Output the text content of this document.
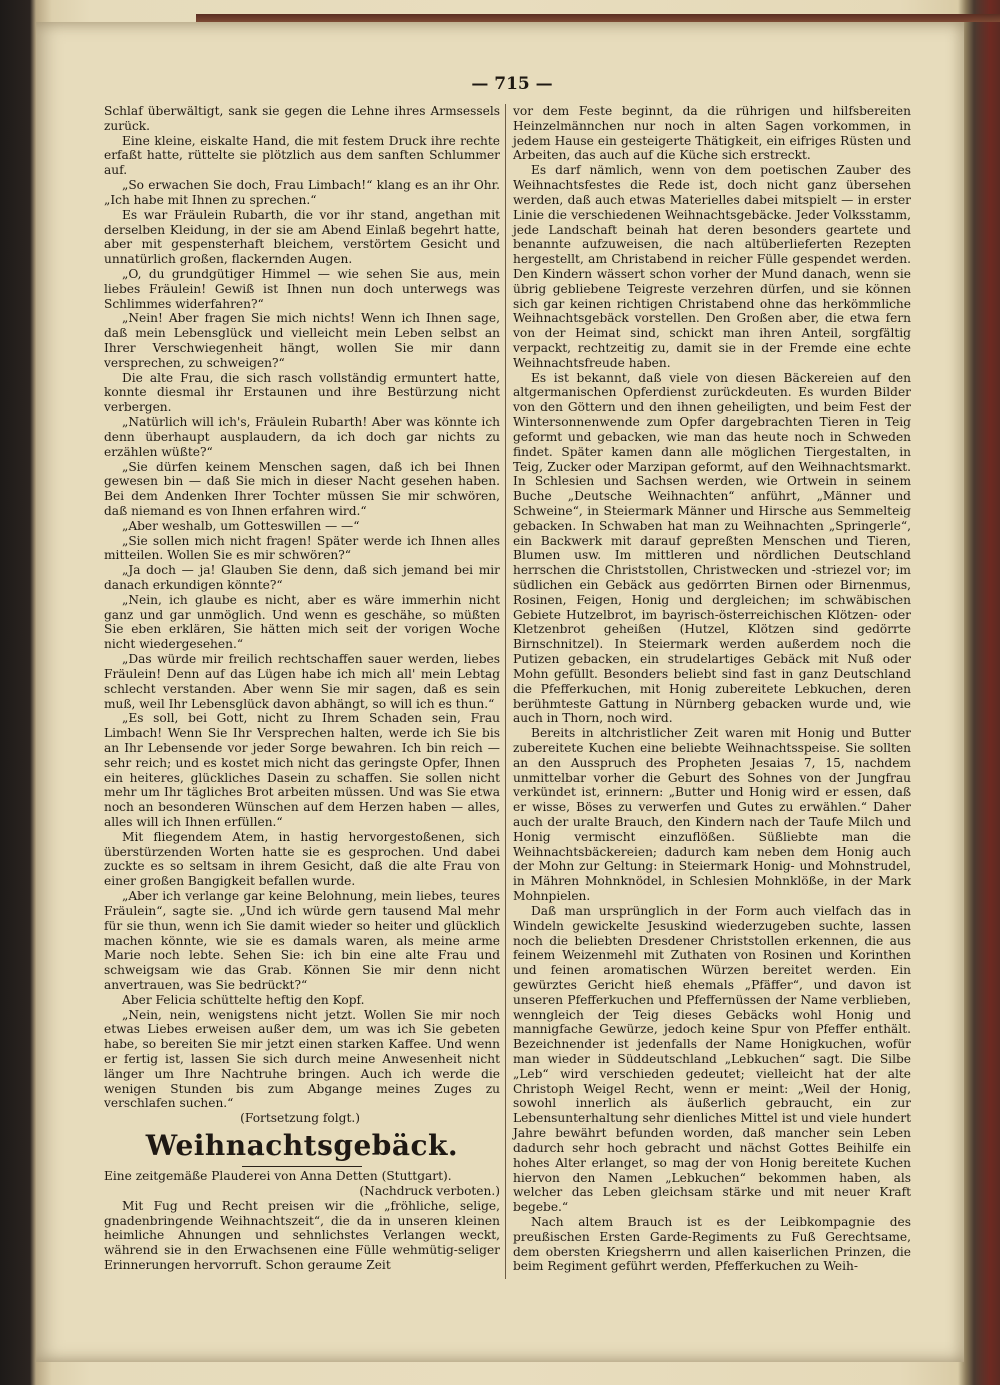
— 715 —

Schlaf überwältigt, sank sie gegen die Lehne ihres Armsessels zurück.

Eine kleine, eiskalte Hand, die mit festem Druck ihre rechte erfaßt hatte, rüttelte sie plötzlich aus dem sanften Schlummer auf.

„So erwachen Sie doch, Frau Limbach!“ klang es an ihr Ohr. „Ich habe mit Ihnen zu sprechen.“

Es war Fräulein Rubarth, die vor ihr stand, angethan mit derselben Kleidung, in der sie am Abend Einlaß begehrt hatte, aber mit gespensterhaft bleichem, verstörtem Gesicht und unnatürlich großen, flackernden Augen.

„O, du grundgütiger Himmel — wie sehen Sie aus, mein liebes Fräulein! Gewiß ist Ihnen nun doch unterwegs was Schlimmes widerfahren?“

„Nein! Aber fragen Sie mich nichts! Wenn ich Ihnen sage, daß mein Lebensglück und vielleicht mein Leben selbst an Ihrer Verschwiegenheit hängt, wollen Sie mir dann versprechen, zu schweigen?“

Die alte Frau, die sich rasch vollständig ermuntert hatte, konnte diesmal ihr Erstaunen und ihre Bestürzung nicht verbergen.

„Natürlich will ich's, Fräulein Rubarth! Aber was könnte ich denn überhaupt ausplaudern, da ich doch gar nichts zu erzählen wüßte?“

„Sie dürfen keinem Menschen sagen, daß ich bei Ihnen gewesen bin — daß Sie mich in dieser Nacht gesehen haben. Bei dem Andenken Ihrer Tochter müssen Sie mir schwören, daß niemand es von Ihnen erfahren wird.“

„Aber weshalb, um Gotteswillen — —“

„Sie sollen mich nicht fragen! Später werde ich Ihnen alles mitteilen. Wollen Sie es mir schwören?“

„Ja doch — ja! Glauben Sie denn, daß sich jemand bei mir danach erkundigen könnte?“

„Nein, ich glaube es nicht, aber es wäre immerhin nicht ganz und gar unmöglich. Und wenn es geschähe, so müßten Sie eben erklären, Sie hätten mich seit der vorigen Woche nicht wiedergesehen.“

„Das würde mir freilich rechtschaffen sauer werden, liebes Fräulein! Denn auf das Lügen habe ich mich all' mein Lebtag schlecht verstanden. Aber wenn Sie mir sagen, daß es sein muß, weil Ihr Lebensglück davon abhängt, so will ich es thun.“

„Es soll, bei Gott, nicht zu Ihrem Schaden sein, Frau Limbach! Wenn Sie Ihr Versprechen halten, werde ich Sie bis an Ihr Lebensende vor jeder Sorge bewahren. Ich bin reich — sehr reich; und es kostet mich nicht das geringste Opfer, Ihnen ein heiteres, glückliches Dasein zu schaffen. Sie sollen nicht mehr um Ihr tägliches Brot arbeiten müssen. Und was Sie etwa noch an besonderen Wünschen auf dem Herzen haben — alles, alles will ich Ihnen erfüllen.“

Mit fliegendem Atem, in hastig hervorgestoßenen, sich überstürzenden Worten hatte sie es gesprochen. Und dabei zuckte es so seltsam in ihrem Gesicht, daß die alte Frau von einer großen Bangigkeit befallen wurde.

„Aber ich verlange gar keine Belohnung, mein liebes, teures Fräulein“, sagte sie. „Und ich würde gern tausend Mal mehr für sie thun, wenn ich Sie damit wieder so heiter und glücklich machen könnte, wie sie es damals waren, als meine arme Marie noch lebte. Sehen Sie: ich bin eine alte Frau und schweigsam wie das Grab. Können Sie mir denn nicht anvertrauen, was Sie bedrückt?“

Aber Felicia schüttelte heftig den Kopf.

„Nein, nein, wenigstens nicht jetzt. Wollen Sie mir noch etwas Liebes erweisen außer dem, um was ich Sie gebeten habe, so bereiten Sie mir jetzt einen starken Kaffee. Und wenn er fertig ist, lassen Sie sich durch meine Anwesenheit nicht länger um Ihre Nachtruhe bringen. Auch ich werde die wenigen Stunden bis zum Abgange meines Zuges zu verschlafen suchen.“

(Fortsetzung folgt.)

Weihnachtsgebäck.

Eine zeitgemäße Plauderei von Anna Detten (Stuttgart).

(Nachdruck verboten.)

Mit Fug und Recht preisen wir die „fröhliche, selige, gnadenbringende Weihnachtszeit“, die da in unseren kleinen heimliche Ahnungen und sehnlichstes Verlangen weckt, während sie in den Erwachsenen eine Fülle wehmütig-seliger Erinnerungen hervorruft. Schon geraume Zeit

vor dem Feste beginnt, da die rührigen und hilfsbereiten Heinzelmännchen nur noch in alten Sagen vorkommen, in jedem Hause ein gesteigerte Thätigkeit, ein eifriges Rüsten und Arbeiten, das auch auf die Küche sich erstreckt.

Es darf nämlich, wenn von dem poetischen Zauber des Weihnachtsfestes die Rede ist, doch nicht ganz übersehen werden, daß auch etwas Materielles dabei mitspielt — in erster Linie die verschiedenen Weihnachtsgebäcke. Jeder Volksstamm, jede Landschaft beinah hat deren besonders geartete und benannte aufzuweisen, die nach altüberlieferten Rezepten hergestellt, am Christabend in reicher Fülle gespendet werden. Den Kindern wässert schon vorher der Mund danach, wenn sie übrig gebliebene Teigreste verzehren dürfen, und sie können sich gar keinen richtigen Christabend ohne das herkömmliche Weihnachtsgebäck vorstellen. Den Großen aber, die etwa fern von der Heimat sind, schickt man ihren Anteil, sorgfältig verpackt, rechtzeitig zu, damit sie in der Fremde eine echte Weihnachtsfreude haben.

Es ist bekannt, daß viele von diesen Bäckereien auf den altgermanischen Opferdienst zurückdeuten. Es wurden Bilder von den Göttern und den ihnen geheiligten, und beim Fest der Wintersonnenwende zum Opfer dargebrachten Tieren in Teig geformt und gebacken, wie man das heute noch in Schweden findet. Später kamen dann alle möglichen Tiergestalten, in Teig, Zucker oder Marzipan geformt, auf den Weihnachtsmarkt. In Schlesien und Sachsen werden, wie Ortwein in seinem Buche „Deutsche Weihnachten“ anführt, „Männer und Schweine“, in Steiermark Männer und Hirsche aus Semmelteig gebacken. In Schwaben hat man zu Weihnachten „Springerle“, ein Backwerk mit darauf gepreßten Menschen und Tieren, Blumen usw. Im mittleren und nördlichen Deutschland herrschen die Christstollen, Christwecken und -striezel vor; im südlichen ein Gebäck aus gedörrten Birnen oder Birnenmus, Rosinen, Feigen, Honig und dergleichen; im schwäbischen Gebiete Hutzelbrot, im bayrisch-österreichischen Klötzen- oder Kletzenbrot geheißen (Hutzel, Klötzen sind gedörrte Birnschnitzel). In Steiermark werden außerdem noch die Putizen gebacken, ein strudelartiges Gebäck mit Nuß oder Mohn gefüllt. Besonders beliebt sind fast in ganz Deutschland die Pfefferkuchen, mit Honig zubereitete Lebkuchen, deren berühmteste Gattung in Nürnberg gebacken wurde und, wie auch in Thorn, noch wird.

Bereits in altchristlicher Zeit waren mit Honig und Butter zubereitete Kuchen eine beliebte Weihnachtsspeise. Sie sollten an den Ausspruch des Propheten Jesaias 7, 15, nachdem unmittelbar vorher die Geburt des Sohnes von der Jungfrau verkündet ist, erinnern: „Butter und Honig wird er essen, daß er wisse, Böses zu verwerfen und Gutes zu erwählen.“ Daher auch der uralte Brauch, den Kindern nach der Taufe Milch und Honig vermischt einzuflößen. Süßliebte man die Weihnachtsbäckereien; dadurch kam neben dem Honig auch der Mohn zur Geltung: in Steiermark Honig- und Mohnstrudel, in Mähren Mohnknödel, in Schlesien Mohnklöße, in der Mark Mohnpielen.

Daß man ursprünglich in der Form auch vielfach das in Windeln gewickelte Jesuskind wiederzugeben suchte, lassen noch die beliebten Dresdener Christstollen erkennen, die aus feinem Weizenmehl mit Zuthaten von Rosinen und Korinthen und feinen aromatischen Würzen bereitet werden. Ein gewürztes Gericht hieß ehemals „Pfäffer“, und davon ist unseren Pfefferkuchen und Pfeffernüssen der Name verblieben, wenngleich der Teig dieses Gebäcks wohl Honig und mannigfache Gewürze, jedoch keine Spur von Pfeffer enthält. Bezeichnender ist jedenfalls der Name Honigkuchen, wofür man wieder in Süddeutschland „Lebkuchen“ sagt. Die Silbe „Leb“ wird verschieden gedeutet; vielleicht hat der alte Christoph Weigel Recht, wenn er meint: „Weil der Honig, sowohl innerlich als äußerlich gebraucht, ein zur Lebensunterhaltung sehr dienliches Mittel ist und viele hundert Jahre bewährt befunden worden, daß mancher sein Leben dadurch sehr hoch gebracht und nächst Gottes Beihilfe ein hohes Alter erlanget, so mag der von Honig bereitete Kuchen hiervon den Namen „Lebkuchen“ bekommen haben, als welcher das Leben gleichsam stärke und mit neuer Kraft begebe.“

Nach altem Brauch ist es der Leibkompagnie des preußischen Ersten Garde-Regiments zu Fuß Gerechtsame, dem obersten Kriegsherrn und allen kaiserlichen Prinzen, die beim Regiment geführt werden, Pfefferkuchen zu Weih-
